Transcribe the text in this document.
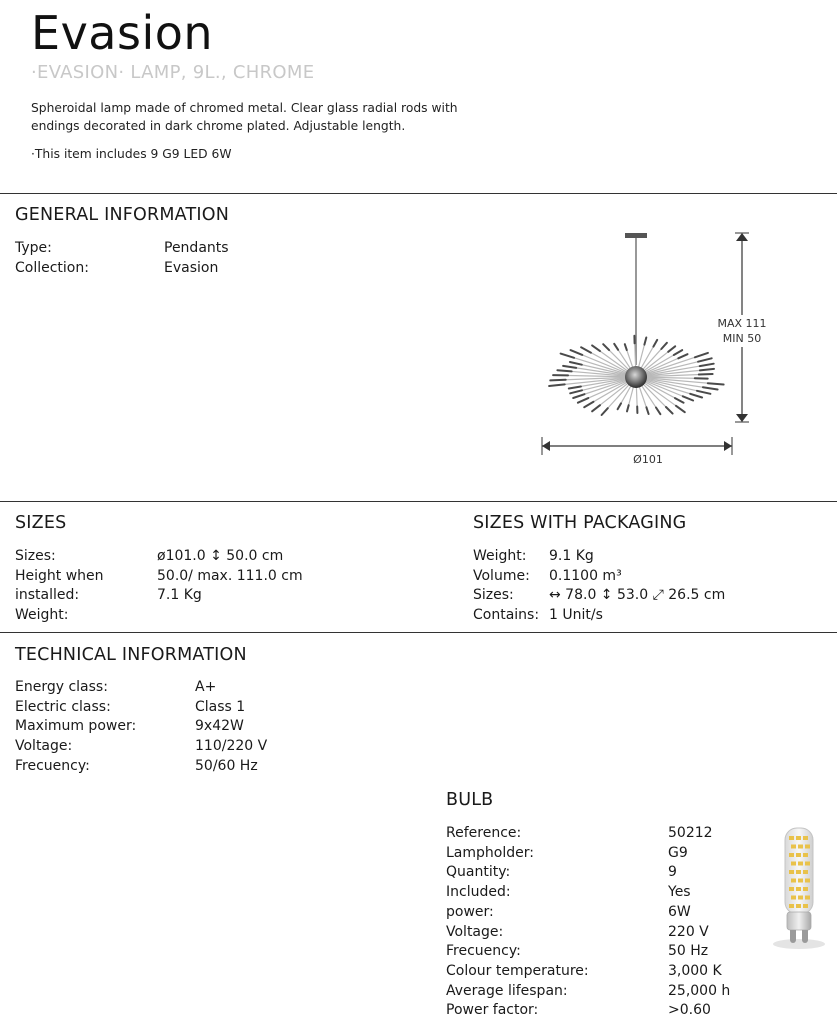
Evasion
·EVASION· LAMP, 9L., CHROME
Spheroidal lamp made of chromed metal. Clear glass radial rods with endings decorated in dark chrome plated. Adjustable length.
·This item includes 9 G9 LED 6W
GENERAL INFORMATION
Type:	Pendants
Collection:	Evasion
MAX 111
MIN 50
Ø101
SIZES
Sizes:
Height when
installed:
Weight:
ø101.0 ↕ 50.0 cm
50.0/ max. 111.0 cm
7.1 Kg
SIZES WITH PACKAGING
Weight:
Volume:
Sizes:
Contains:
9.1 Kg
0.1100 m³
↔ 78.0 ↕ 53.0 ⤢ 26.5 cm
1 Unit/s
TECHNICAL INFORMATION
Energy class:
Electric class:
Maximum power:
Voltage:
Frecuency:
A+
Class 1
9x42W
110/220 V
50/60 Hz
BULB
Reference:
Lampholder:
Quantity:
Included:
power:
Voltage:
Frecuency:
Colour temperature:
Average lifespan:
Power factor:
50212
G9
9
Yes
6W
220 V
50 Hz
3,000 K
25,000 h
>0.60
